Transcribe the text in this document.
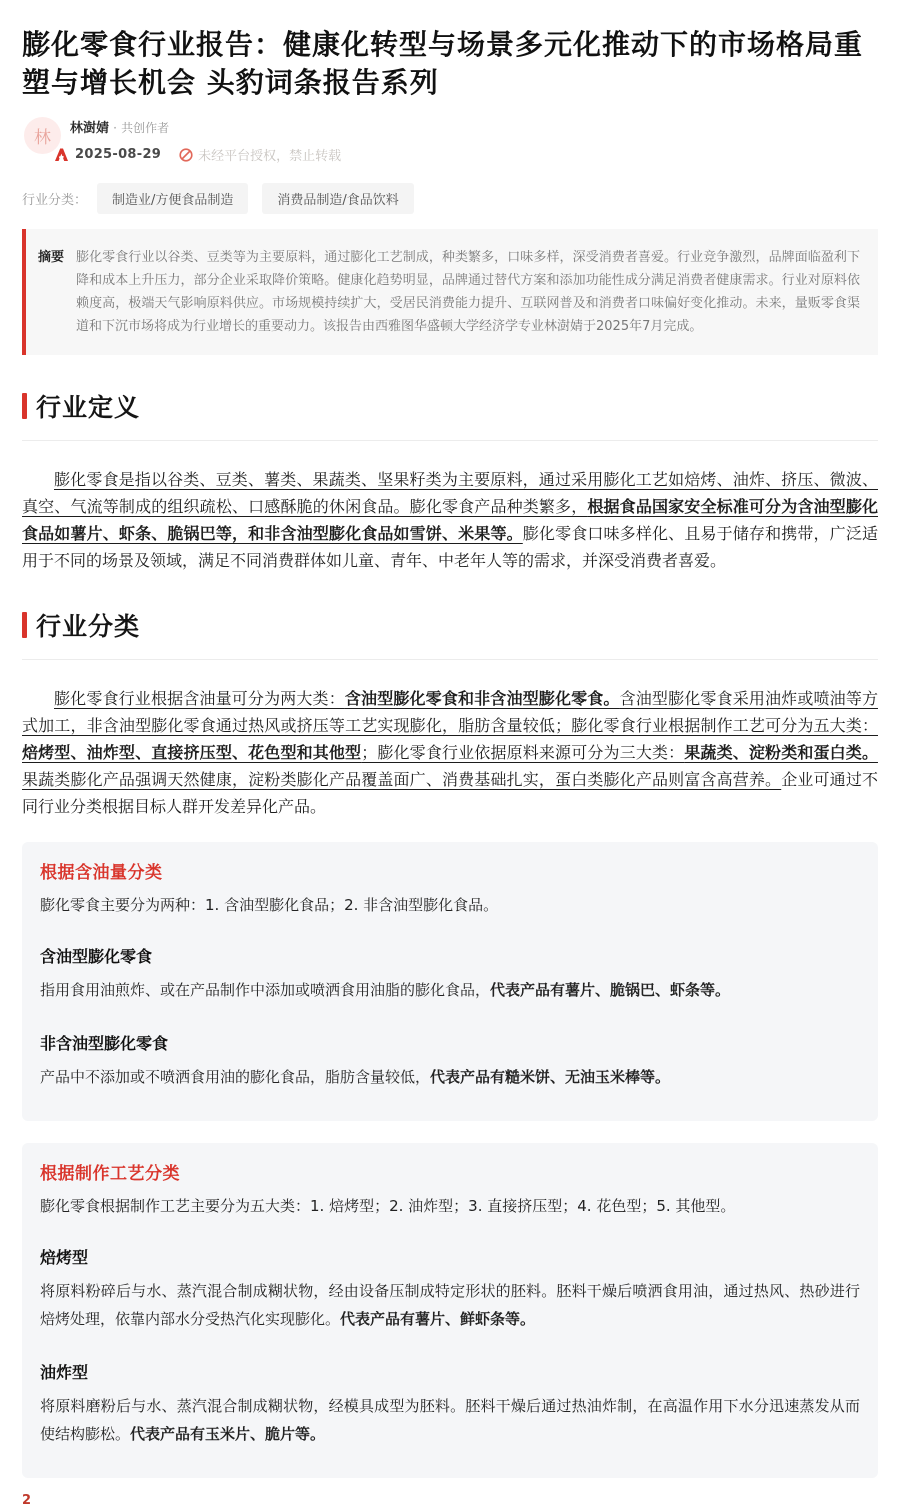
膨化零食行业报告：健康化转型与场景多元化推动下的市场格局重塑与增长机会 头豹词条报告系列
林 林澍婧 · 共创作者
2025-08-29	未经平台授权，禁止转载
行业分类：	制造业/方便食品制造	消费品制造/食品饮料
摘要 膨化零食行业以谷类、豆类等为主要原料，通过膨化工艺制成，种类繁多，口味多样，深受消费者喜爱。行业竞争激烈，品牌面临盈利下降和成本上升压力，部分企业采取降价策略。健康化趋势明显，品牌通过替代方案和添加功能性成分满足消费者健康需求。行业对原料依赖度高，极端天气影响原料供应。市场规模持续扩大，受居民消费能力提升、互联网普及和消费者口味偏好变化推动。未来，量贩零食渠道和下沉市场将成为行业增长的重要动力。该报告由西雅图华盛顿大学经济学专业林澍婧于2025年7月完成。
行业定义

膨化零食是指以谷类、豆类、薯类、果蔬类、坚果籽类为主要原料，通过采用膨化工艺如焙烤、油炸、挤压、微波、真空、气流等制成的组织疏松、口感酥脆的休闲食品。膨化零食产品种类繁多，根据食品国家安全标准可分为含油型膨化食品如薯片、虾条、脆锅巴等，和非含油型膨化食品如雪饼、米果等。膨化零食口味多样化、且易于储存和携带，广泛适用于不同的场景及领域，满足不同消费群体如儿童、青年、中老年人等的需求，并深受消费者喜爱。

行业分类

膨化零食行业根据含油量可分为两大类：含油型膨化零食和非含油型膨化零食。含油型膨化零食采用油炸或喷油等方式加工，非含油型膨化零食通过热风或挤压等工艺实现膨化，脂肪含量较低；膨化零食行业根据制作工艺可分为五大类：焙烤型、油炸型、直接挤压型、花色型和其他型；膨化零食行业依据原料来源可分为三大类：果蔬类、淀粉类和蛋白类。果蔬类膨化产品强调天然健康，淀粉类膨化产品覆盖面广、消费基础扎实，蛋白类膨化产品则富含高营养。企业可通过不同行业分类根据目标人群开发差异化产品。

根据含油量分类
膨化零食主要分为两种：1. 含油型膨化食品；2. 非含油型膨化食品。
含油型膨化零食
指用食用油煎炸、或在产品制作中添加或喷洒食用油脂的膨化食品，代表产品有薯片、脆锅巴、虾条等。
非含油型膨化零食
产品中不添加或不喷洒食用油的膨化食品，脂肪含量较低，代表产品有糙米饼、无油玉米棒等。
根据制作工艺分类
膨化零食根据制作工艺主要分为五大类：1. 焙烤型；2. 油炸型；3. 直接挤压型；4. 花色型；5. 其他型。
焙烤型
将原料粉碎后与水、蒸汽混合制成糊状物，经由设备压制成特定形状的胚料。胚料干燥后喷洒食用油，通过热风、热砂进行焙烤处理，依靠内部水分受热汽化实现膨化。代表产品有薯片、鲜虾条等。
油炸型
将原料磨粉后与水、蒸汽混合制成糊状物，经模具成型为胚料。胚料干燥后通过热油炸制，在高温作用下水分迅速蒸发从而使结构膨松。代表产品有玉米片、脆片等。
2
